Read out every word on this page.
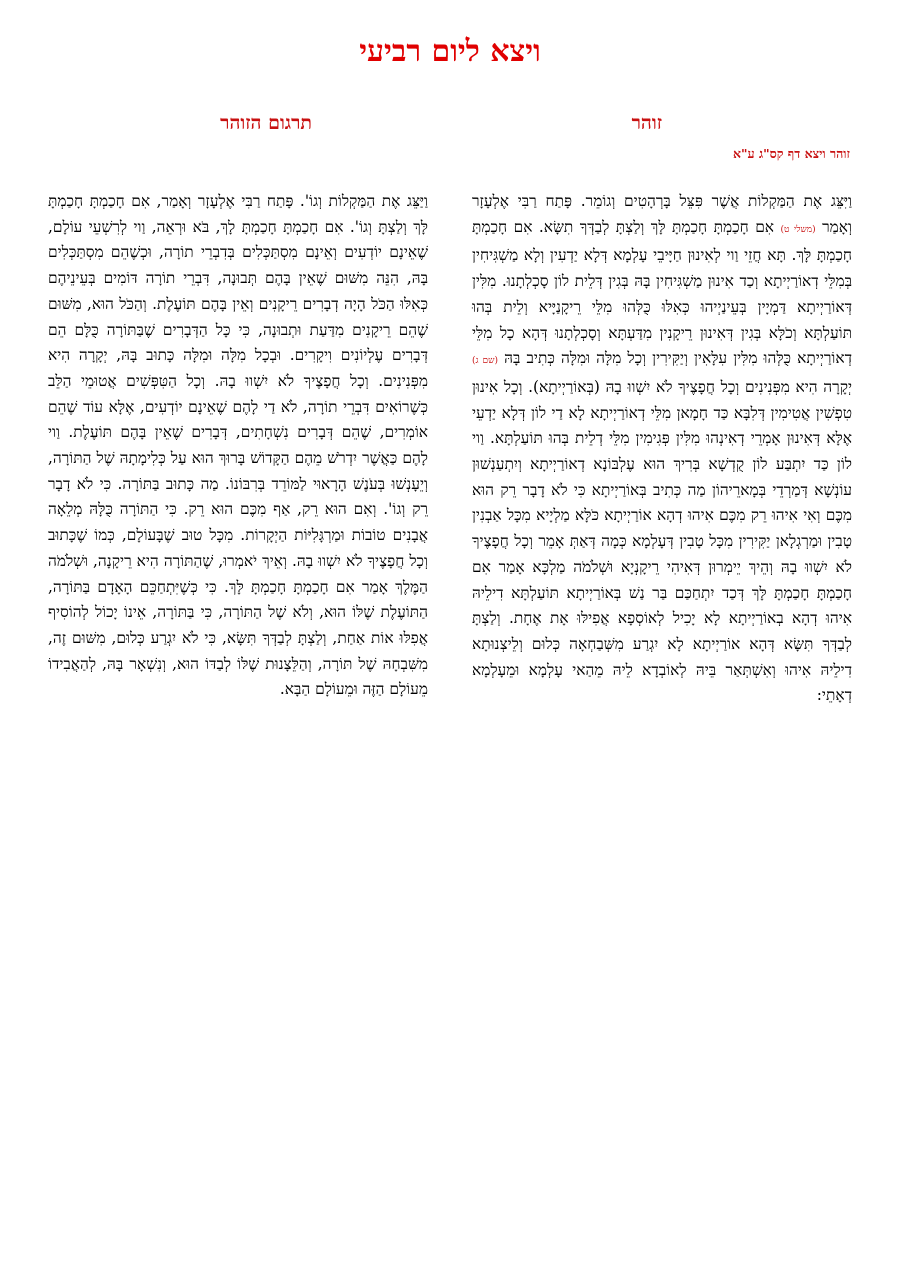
ויצא ליום רביעי
זוהר
תרגום הזוהר
זוהר ויצא דף קס"ג ע"א
וַיִּצֵּג אֶת הַמַּקְלוֹת אֲשֶׁר פִּצֵּל בָּרְהָטִים וְגוֹמֵר. פָּתַח רַבִּי אֶלְעָזָר וְאָמַר (משלי ט) אִם חָכַמְתָּ חָכַמְתָּ לָּךְ וְלַצְתָּ לְבַדְּךָ תִשָּׂא. אִם חָכַמְתָּ חָכַמְתָּ לָּךְ. תָּא חֲזֵי וַוי לְאִינוּן חַיָּיבֵי עָלְמָא דְּלָא יַדְעִין וְלָא מַשְׁגִּיחִין בְּמִלֵּי דְאוֹרַיְיתָא וְכַד אִינוּן מַשְׁגִּיחִין בָּהּ בְּגִין דְּלֵית לוֹן סָכְלְתָנוּ. מִלִּין דְּאוֹרַיְיתָא דַּמְיָין בְּעֵינַיְיהוּ כְּאִלּוּ כֻּלְּהוּ מִלֵּי רֵיקָנַיָּיא וְלֵית בְּהוּ תּוֹעַלְתָּא וְכֹלָּא בְּגִין דְּאִינוּן רֵיקָנִין מִדַּעְתָּא וְסָכְלְתָנוּ דְּהָא כָל מִלֵּי דְאוֹרַיְיתָא כֻּלְּהוּ מִלִּין עִלָּאִין וְיַקִּירִין וְכָל מִלָּה וּמִלָּה כְּתִיב בָּהּ (שם ג) יְקָרָה הִיא מִפְּנִינִים וְכָל חֲפָצֶיךָ לֹא יִשְׁווּ בָהּ (בְּאוֹרַיְיתָא). וְכָל אִינוּן טִפְשִׁין אֲטִימִין דְּלִבָּא כַּד חָמָאן מִלֵּי דְאוֹרַיְיתָא לָא דַי לוֹן דְּלָא יַדְעֵי אֶלָּא דְּאִינוּן אָמְרֵי דְאִינְהוּ מִלִּין פְּגִימִין מִלֵּי דְלֵית בְּהוּ תּוֹעַלְתָּא. וַוי לוֹן כַּד יִתְבַּע לוֹן קֻדְשָׁא בְּרִיךְ הוּא עֶלְבּוֹנָא דְאוֹרַיְיתָא וְיִתְעַנְשׁוּן עוֹנְשָׁא דְּמַרְדֵי בְּמָארֵיהוֹן מַה כְּתִיב בְּאוֹרַיְיתָא כִּי לֹא דָבָר רֵק הוּא מִכֶּם וְאִי אִיהוּ רֵק מִכֶּם אִיהוּ דְהָא אוֹרַיְיתָא כֹּלָּא מַלְיָיא מִכָּל אַבְנִין טָבִין וּמַרְגְלָאן יַקִּירִין מִכָּל טָבִין דְּעָלְמָא כְּמָה דְּאַתְּ אָמֵר וְכָל חֲפָצֶיךָ לֹא יִשְׁווּ בָהּ וְהֵיךְ יֵימְרוּן דְּאִיהִי רֵיקָנְיָא וּשְׁלֹמֹה מַלְכָּא אָמַר אִם חָכַמְתָּ חָכַמְתָּ לָּךְ דְּכַד יִתְחַכַּם בַּר נַשׁ בְּאוֹרַיְיתָא תּוֹעַלְתָּא דִילֵיהּ אִיהוּ דְהָא בְאוֹרַיְיתָא לָא יָכִיל לְאוֹסְפָא אֲפִילּוּ אָת אֶחָת. וְלַצְתָּ לְבַדְּךָ תִּשָּׂא דְּהָא אוֹרַיְיתָא לָא יִגְרַע מִשְּׁבַחְאָה כְּלוּם וְלֵיצְנוּתָא דִילֵיהּ אִיהוּ וְאִשְׁתְּאַר בֵּיהּ לְאוֹבְדָא לֵיהּ מֵהַאי עָלְמָא וּמֵעָלְמָא דְאָתֵי:
וַיַּצֵּג אֶת הַמַּקְלוֹת וְגוֹ'. פָּתַח רַבִּי אֶלְעָזָר וְאָמַר, אִם חָכַמְתָּ חָכַמְתָּ לָּךְ וְלַצְתָּ וְגוֹ'. אִם חָכַמְתָּ חָכַמְתָּ לָךְ, בֹּא וּרְאֵה, וַוי לְרִשְׁעֵי עוֹלָם, שֶׁאֵינָם יוֹדְעִים וְאֵינָם מִסְתַּכְּלִים בְּדִבְרֵי תוֹרָה, וּכְשֶׁהֵם מִסְתַּכְּלִים בָּהּ, הִנֵּה מִשּׁוּם שֶׁאֵין בָּהֶם תְּבוּנָה, דִּבְרֵי תוֹרָה דּוֹמִים בְּעֵינֵיהֶם כְּאִלּוּ הַכֹּל הָיָה דְבָרִים רֵיקָנִים וְאֵין בָּהֶם תּוֹעֶלֶת. וְהַכֹּל הוּא, מִשּׁוּם שֶׁהֵם רֵיקָנִים מִדַּעַת וּתְבוּנָה, כִּי כָּל הַדְּבָרִים שֶׁבַּתּוֹרָה כֻּלָּם הֵם דְּבָרִים עֶלְיוֹנִים וִיקָרִים. וּבְכָל מִלָּה וּמִלָּה כָּתוּב בָּהּ, יְקָרָה הִיא מִפְּנִינִים. וְכָל חֲפָצֶיךָ לֹא יִשְׁווּ בָהּ. וְכָל הַטִּפְּשִׁים אֲטוּמֵי הַלֵּב כְּשֶׁרוֹאִים דִּבְרֵי תוֹרָה, לֹא דַי לָהֶם שֶׁאֵינָם יוֹדְעִים, אֶלָּא עוֹד שֶׁהֵם אוֹמְרִים, שֶׁהֵם דְּבָרִים נִשְׁחָתִים, דְּבָרִים שֶׁאֵין בָּהֶם תּוֹעֶלֶת. וַוי לָהֶם כַּאֲשֶׁר יִדְרֹשׁ מֵהֶם הַקָּדוֹשׁ בָּרוּךְ הוּא עַל כְּלִימָתָהּ שֶׁל הַתּוֹרָה, וְיֵעָנְשׁוּ בְּעֹנֶשׁ הָרָאוּי לַמּוֹרֵד בְּרִבּוֹנוֹ. מַה כָּתוּב בַּתּוֹרָה. כִּי לֹא דָבָר רֵק וְגוֹ'. וְאִם הוּא רֵק, אַף מִכֶּם הוּא רֵק. כִּי הַתּוֹרָה כֻּלָּהּ מְלֵאָה אֲבָנִים טוֹבוֹת וּמַרְגָּלִיּוֹת הַיְקָרוֹת. מִכָּל טוּב שֶׁבָּעוֹלָם, כְּמוֹ שֶׁכָּתוּב וְכָל חֲפָצֶיךָ לֹא יִשְׁווּ בָהּ. וְאֵיךְ יֹאמְרוּ, שֶׁהַתּוֹרָה הִיא רֵיקָנָה, וּשְׁלֹמֹה הַמֶּלֶךְ אָמַר אִם חָכַמְתָּ חָכַמְתָּ לָּךְ. כִּי כְּשֶׁיִּתְחַכֵּם הָאָדָם בַּתּוֹרָה, הַתּוֹעֶלֶת שֶׁלּוֹ הוּא, וְלֹא שֶׁל הַתּוֹרָה, כִּי בַּתּוֹרָה, אֵינוֹ יָכוֹל לְהוֹסִיף אֲפִלּוּ אוֹת אַחַת, וְלַצְתָּ לְבַדְּךָ תִּשָּׂא, כִּי לֹא יִגְרַע כְּלוּם, מִשּׁוּם זֶה, מִשִּׁבְחָהּ שֶׁל תּוֹרָה, וְהַלֵּצָנוּת שֶׁלּוֹ לְבַדּוֹ הוּא, וְנִשְׁאָר בָּהּ, לְהַאֲבִידוֹ מֵעוֹלָם הַזֶּה וּמֵעוֹלָם הַבָּא.
